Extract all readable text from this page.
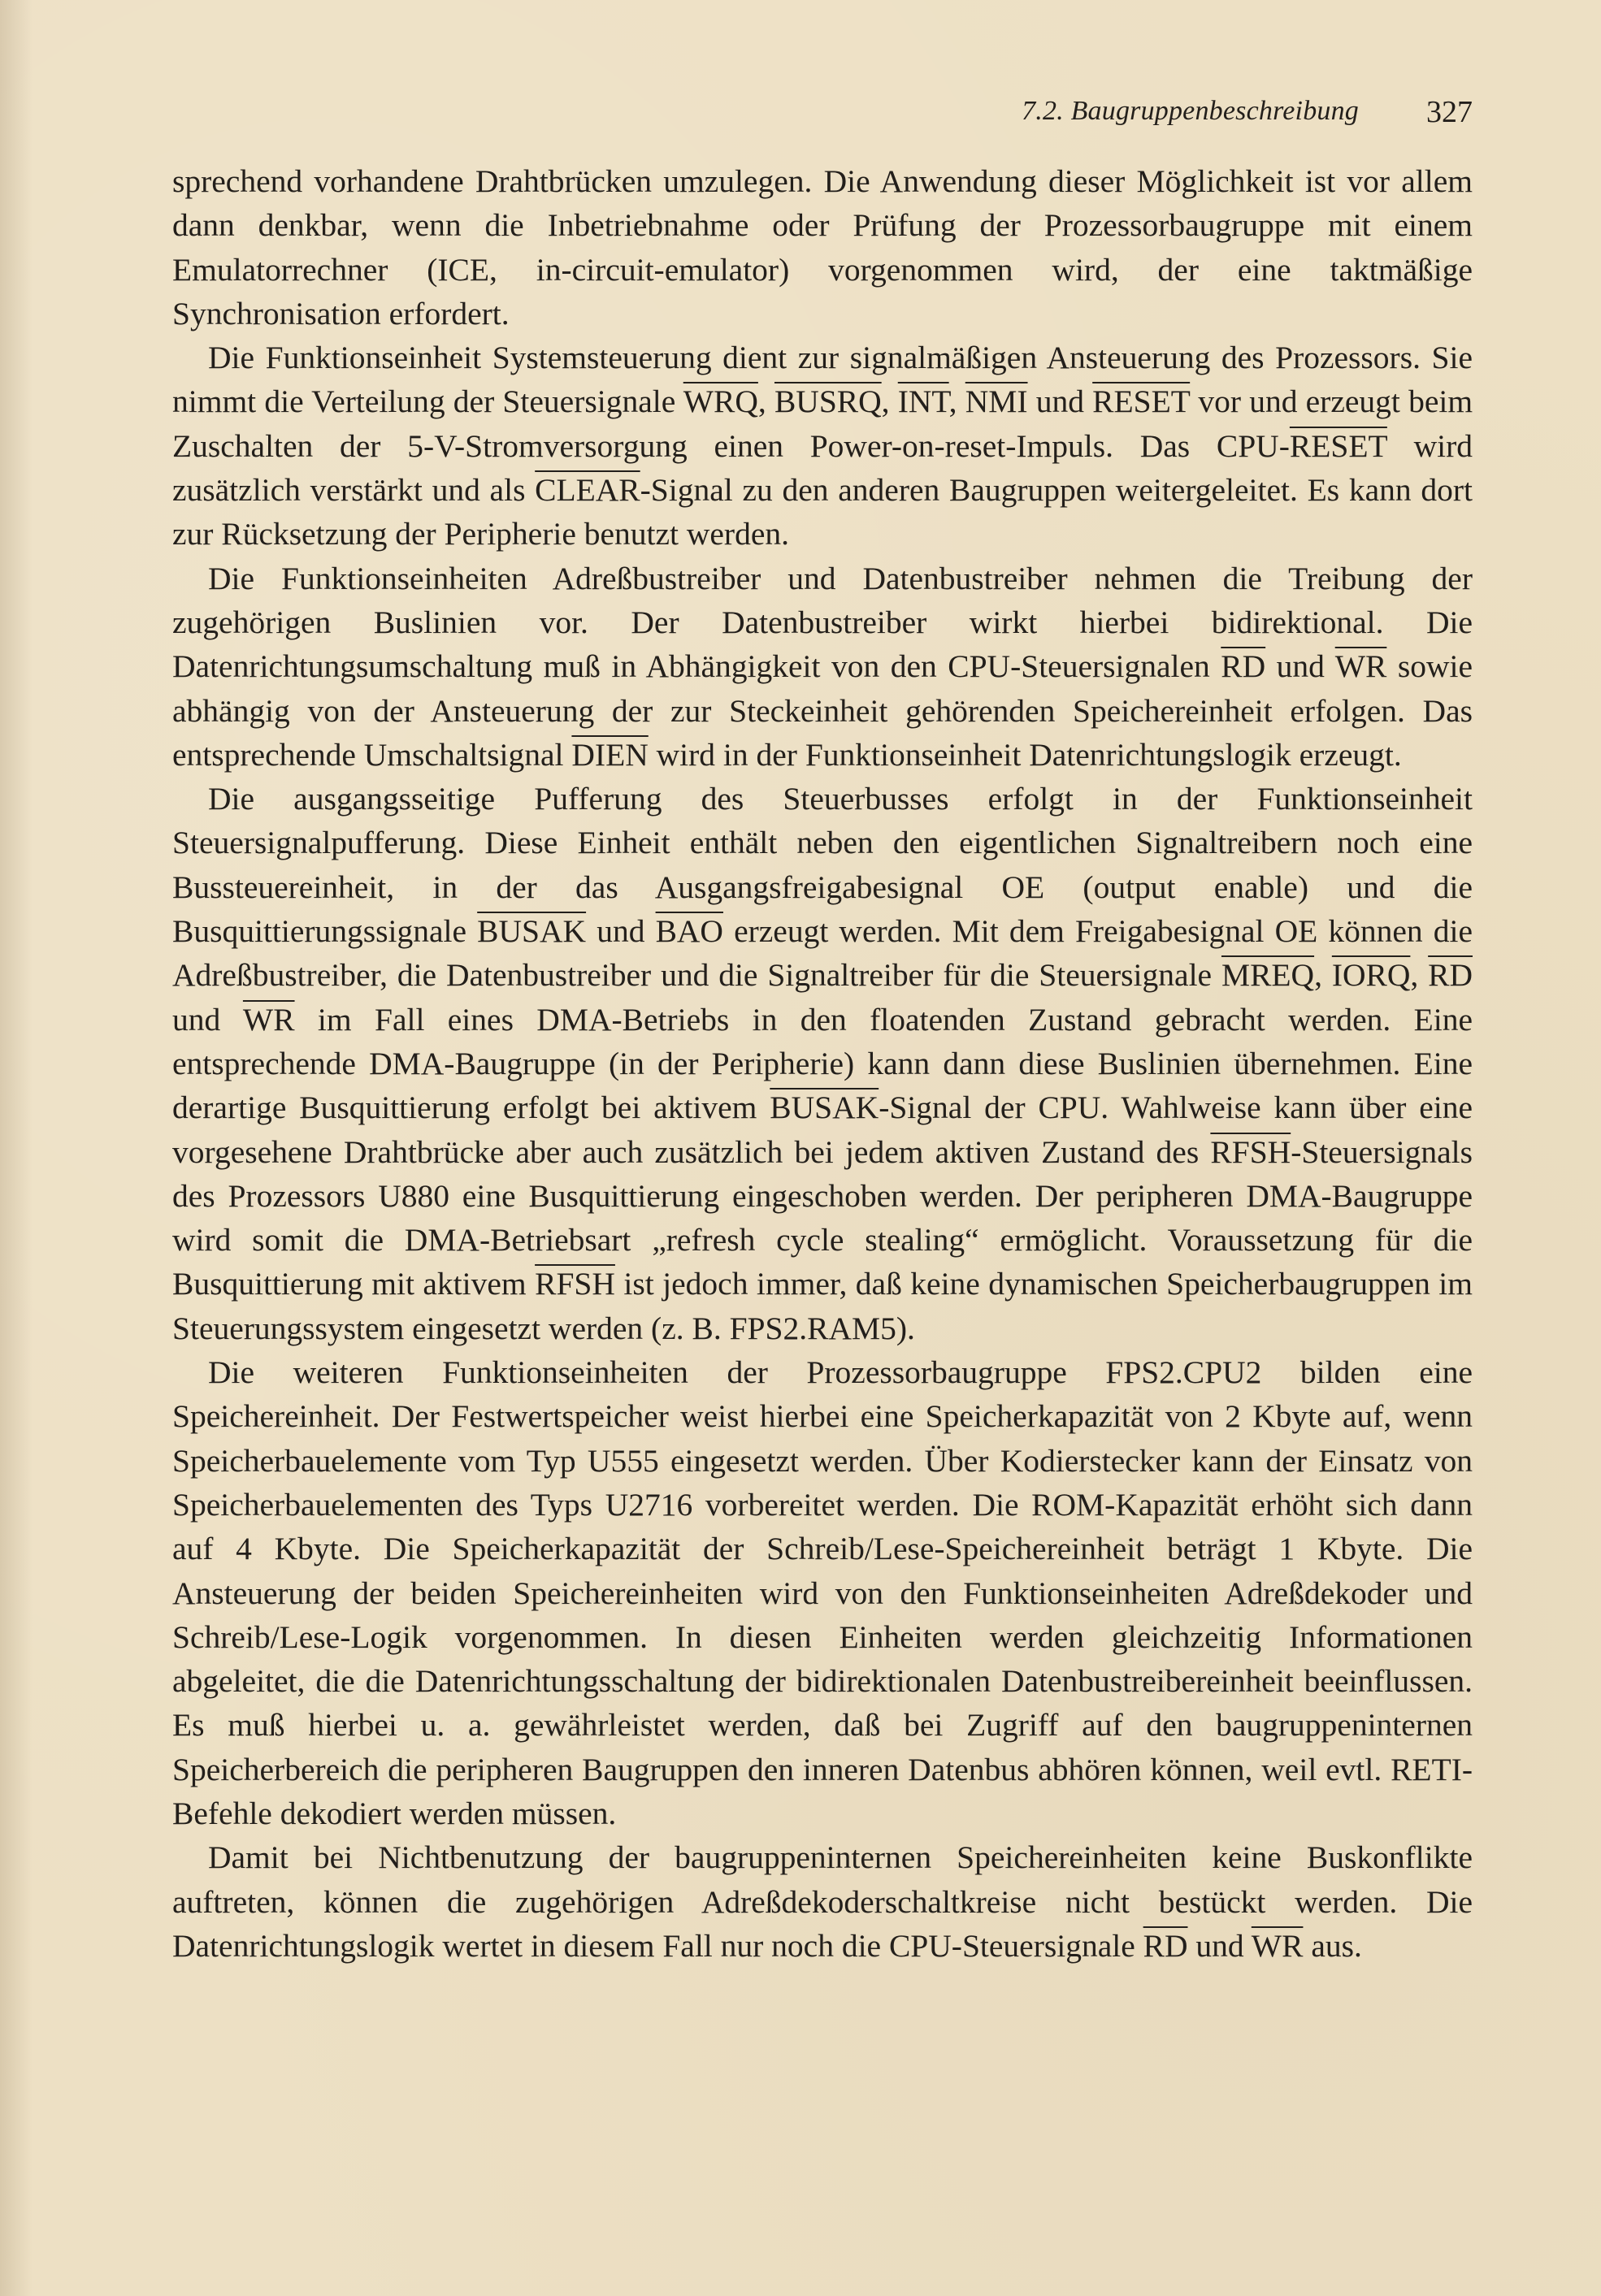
7.2. Baugruppenbeschreibung 327

sprechend vorhandene Drahtbrücken umzulegen. Die Anwendung dieser Möglichkeit ist vor allem dann denkbar, wenn die Inbetriebnahme oder Prüfung der Prozessorbaugruppe mit einem Emulatorrechner (ICE, in-circuit-emulator) vorgenommen wird, der eine taktmäßige Synchronisation erfordert.

Die Funktionseinheit Systemsteuerung dient zur signalmäßigen Ansteuerung des Prozessors. Sie nimmt die Verteilung der Steuersignale $\overline{WRQ}$, BUSRQ, $\overline{INT}$, $\overline{NMI}$ und RESET vor und erzeugt beim Zuschalten der 5-V-Stromversorgung einen Power-on-reset-Impuls. Das CPU-RESET wird zusätzlich verstärkt und als CLEAR-Signal zu den anderen Baugruppen weitergeleitet. Es kann dort zur Rücksetzung der Peripherie benutzt werden.

Die Funktionseinheiten Adreßbustreiber und Datenbustreiber nehmen die Treibung der zugehörigen Buslinien vor. Der Datenbustreiber wirkt hierbei bidirektional. Die Datenrichtungsumschaltung muß in Abhängigkeit von den CPU-Steuersignalen $\overline{RD}$ und $\overline{WR}$ sowie abhängig von der Ansteuerung der zur Steckeinheit gehörenden Speichereinheit erfolgen. Das entsprechende Umschaltsignal DIEN wird in der Funktionseinheit Datenrichtungslogik erzeugt.

Die ausgangsseitige Pufferung des Steuerbusses erfolgt in der Funktionseinheit Steuersignalpufferung. Diese Einheit enthält neben den eigentlichen Signaltreibern noch eine Bussteuereinheit, in der das Ausgangsfreigabesignal OE (output enable) und die Busquittierungssignale BUSAK und $\overline{BAO}$ erzeugt werden. Mit dem Freigabesignal OE können die Adreßbustreiber, die Datenbustreiber und die Signaltreiber für die Steuersignale MREQ, IORQ, $\overline{RD}$ und $\overline{WR}$ im Fall eines DMA-Betriebs in den floatenden Zustand gebracht werden. Eine entsprechende DMA-Baugruppe (in der Peripherie) kann dann diese Buslinien übernehmen. Eine derartige Busquittierung erfolgt bei aktivem BUSAK-Signal der CPU. Wahlweise kann über eine vorgesehene Drahtbrücke aber auch zusätzlich bei jedem aktiven Zustand des RFSH-Steuersignals des Prozessors U880 eine Busquittierung eingeschoben werden. Der peripheren DMA-Baugruppe wird somit die DMA-Betriebsart „refresh cycle stealing“ ermöglicht. Voraussetzung für die Busquittierung mit aktivem RFSH ist jedoch immer, daß keine dynamischen Speicherbaugruppen im Steuerungssystem eingesetzt werden (z. B. FPS2.RAM5).

Die weiteren Funktionseinheiten der Prozessorbaugruppe FPS2.CPU2 bilden eine Speichereinheit. Der Festwertspeicher weist hierbei eine Speicherkapazität von 2 Kbyte auf, wenn Speicherbauelemente vom Typ U555 eingesetzt werden. Über Kodierstecker kann der Einsatz von Speicherbauelementen des Typs U2716 vorbereitet werden. Die ROM-Kapazität erhöht sich dann auf 4 Kbyte. Die Speicherkapazität der Schreib/Lese-Speichereinheit beträgt 1 Kbyte. Die Ansteuerung der beiden Speichereinheiten wird von den Funktionseinheiten Adreßdekoder und Schreib/Lese-Logik vorgenommen. In diesen Einheiten werden gleichzeitig Informationen abgeleitet, die die Datenrichtungsschaltung der bidirektionalen Datenbustreibereinheit beeinflussen. Es muß hierbei u. a. gewährleistet werden, daß bei Zugriff auf den baugruppeninternen Speicherbereich die peripheren Baugruppen den inneren Datenbus abhören können, weil evtl. RETI-Befehle dekodiert werden müssen.

Damit bei Nichtbenutzung der baugruppeninternen Speichereinheiten keine Buskonflikte auftreten, können die zugehörigen Adreßdekoderschaltkreise nicht bestückt werden. Die Datenrichtungslogik wertet in diesem Fall nur noch die CPU-Steuersignale $\overline{RD}$ und $\overline{WR}$ aus.
